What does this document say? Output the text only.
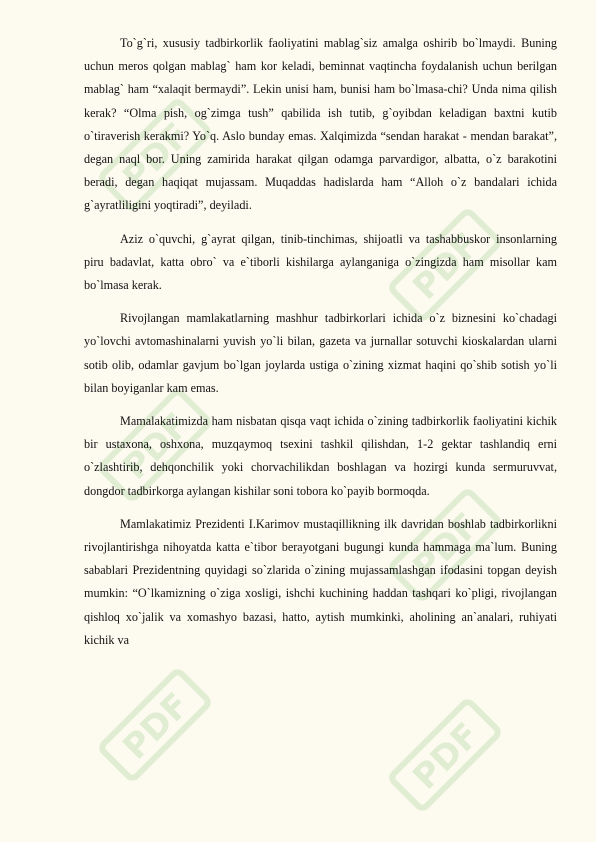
PDF
PDF
PDF
PDF
PDF	PDF

To`g`ri, xususiy tadbirkorlik faoliyatini mablag`siz amalga oshirib bo`lmaydi. Buning uchun meros qolgan mablag` ham kor keladi, beminnat vaqtincha foydalanish uchun berilgan mablag` ham “xalaqit bermaydi”. Lekin unisi ham, bunisi ham bo`lmasa-chi? Unda nima qilish kerak? “Olma pish, og`zimga tush” qabilida ish tutib, g`oyibdan keladigan baxtni kutib o`tiraverish kerakmi? Yo`q. Aslo bunday emas. Xalqimizda “sendan harakat - mendan barakat”, degan naql bor. Uning zamirida harakat qilgan odamga parvardigor, albatta, o`z barakotini beradi, degan haqiqat mujassam. Muqaddas hadislarda ham “Alloh o`z bandalari ichida g`ayratliligini yoqtiradi”, deyiladi.

Aziz o`quvchi, g`ayrat qilgan, tinib-tinchimas, shijoatli va tashabbuskor insonlarning piru badavlat, katta obro` va e`tiborli kishilarga aylanganiga o`zingizda ham misollar kam bo`lmasa kerak.

Rivojlangan mamlakatlarning mashhur tadbirkorlari ichida o`z biznesini ko`chadagi yo`lovchi avtomashinalarni yuvish yo`li bilan, gazeta va jurnallar sotuvchi kioskalardan ularni sotib olib, odamlar gavjum bo`lgan joylarda ustiga o`zining xizmat haqini qo`shib sotish yo`li bilan boyiganlar kam emas.

Mamalakatimizda ham nisbatan qisqa vaqt ichida o`zining tadbirkorlik faoliyatini kichik bir ustaxona, oshxona, muzqaymoq tsexini tashkil qilishdan, 1-2 gektar tashlandiq erni o`zlashtirib, dehqonchilik yoki chorvachilikdan boshlagan va hozirgi kunda sermuruvvat, dongdor tadbirkorga aylangan kishilar soni tobora ko`payib bormoqda.

Mamlakatimiz Prezidenti I.Karimov mustaqillikning ilk davridan boshlab tadbirkorlikni rivojlantirishga nihoyatda katta e`tibor berayotgani bugungi kunda hammaga ma`lum. Buning sabablari Prezidentning quyidagi so`zlarida o`zining mujassamlashgan ifodasini topgan deyish mumkin: “O`lkamizning o`ziga xosligi, ishchi kuchining haddan tashqari ko`pligi, rivojlangan qishloq xo`jalik va xomashyo bazasi, hatto, aytish mumkinki, aholining an`analari, ruhiyati kichik va
